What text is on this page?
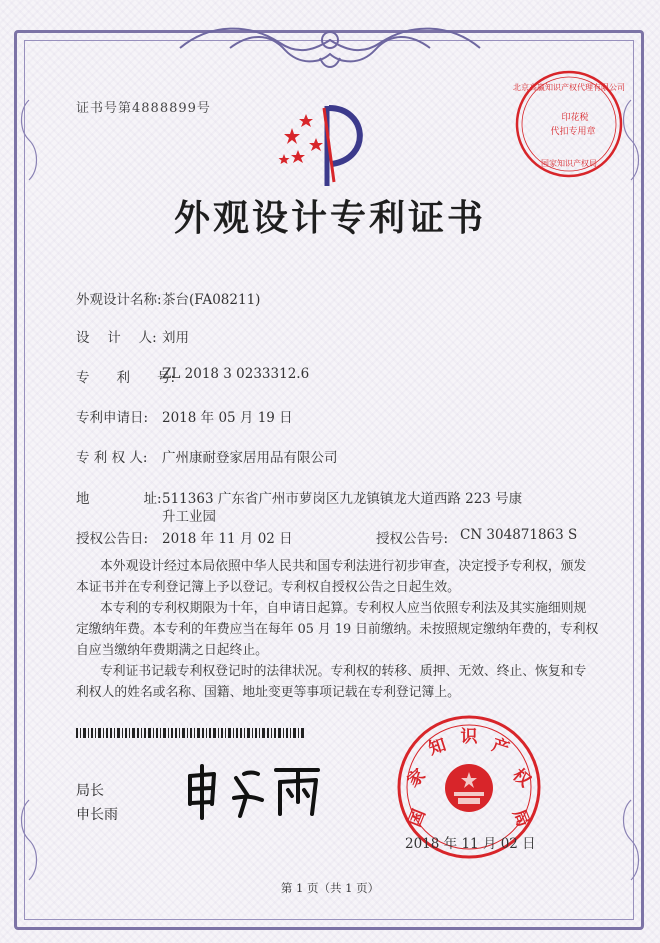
证书号第4888899号
北京高赢知识产权代理有限公司
印花税
代扣专用章
国家知识产权局
外观设计专利证书
外观设计名称: 茶台(FA08211)
设　 计　 人: 刘用
专　　利　　号:
ZL 2018 3 0233312.6
专利申请日: 2018 年 05 月 19 日
专 利 权 人: 广州康耐登家居用品有限公司
地　　　　址: 511363 广东省广州市萝岗区九龙镇镇龙大道西路 223 号康
升工业园
授权公告日: 2018 年 11 月 02 日	授权公告号: CN 304871863 S
本外观设计经过本局依照中华人民共和国专利法进行初步审查，决定授予专利权，颁发
本证书并在专利登记簿上予以登记。专利权自授权公告之日起生效。
本专利的专利权期限为十年，自申请日起算。专利权人应当依照专利法及其实施细则规
定缴纳年费。本专利的年费应当在每年 05 月 19 日前缴纳。未按照规定缴纳年费的，专利权
自应当缴纳年费期满之日起终止。
专利证书记载专利权登记时的法律状况。专利权的转移、质押、无效、终止、恢复和专
利权人的姓名或名称、国籍、地址变更等事项记载在专利登记簿上。
局长
申长雨	国
家
知 识 产
权
局
2018 年 11 月 02 日
第 1 页（共 1 页）
